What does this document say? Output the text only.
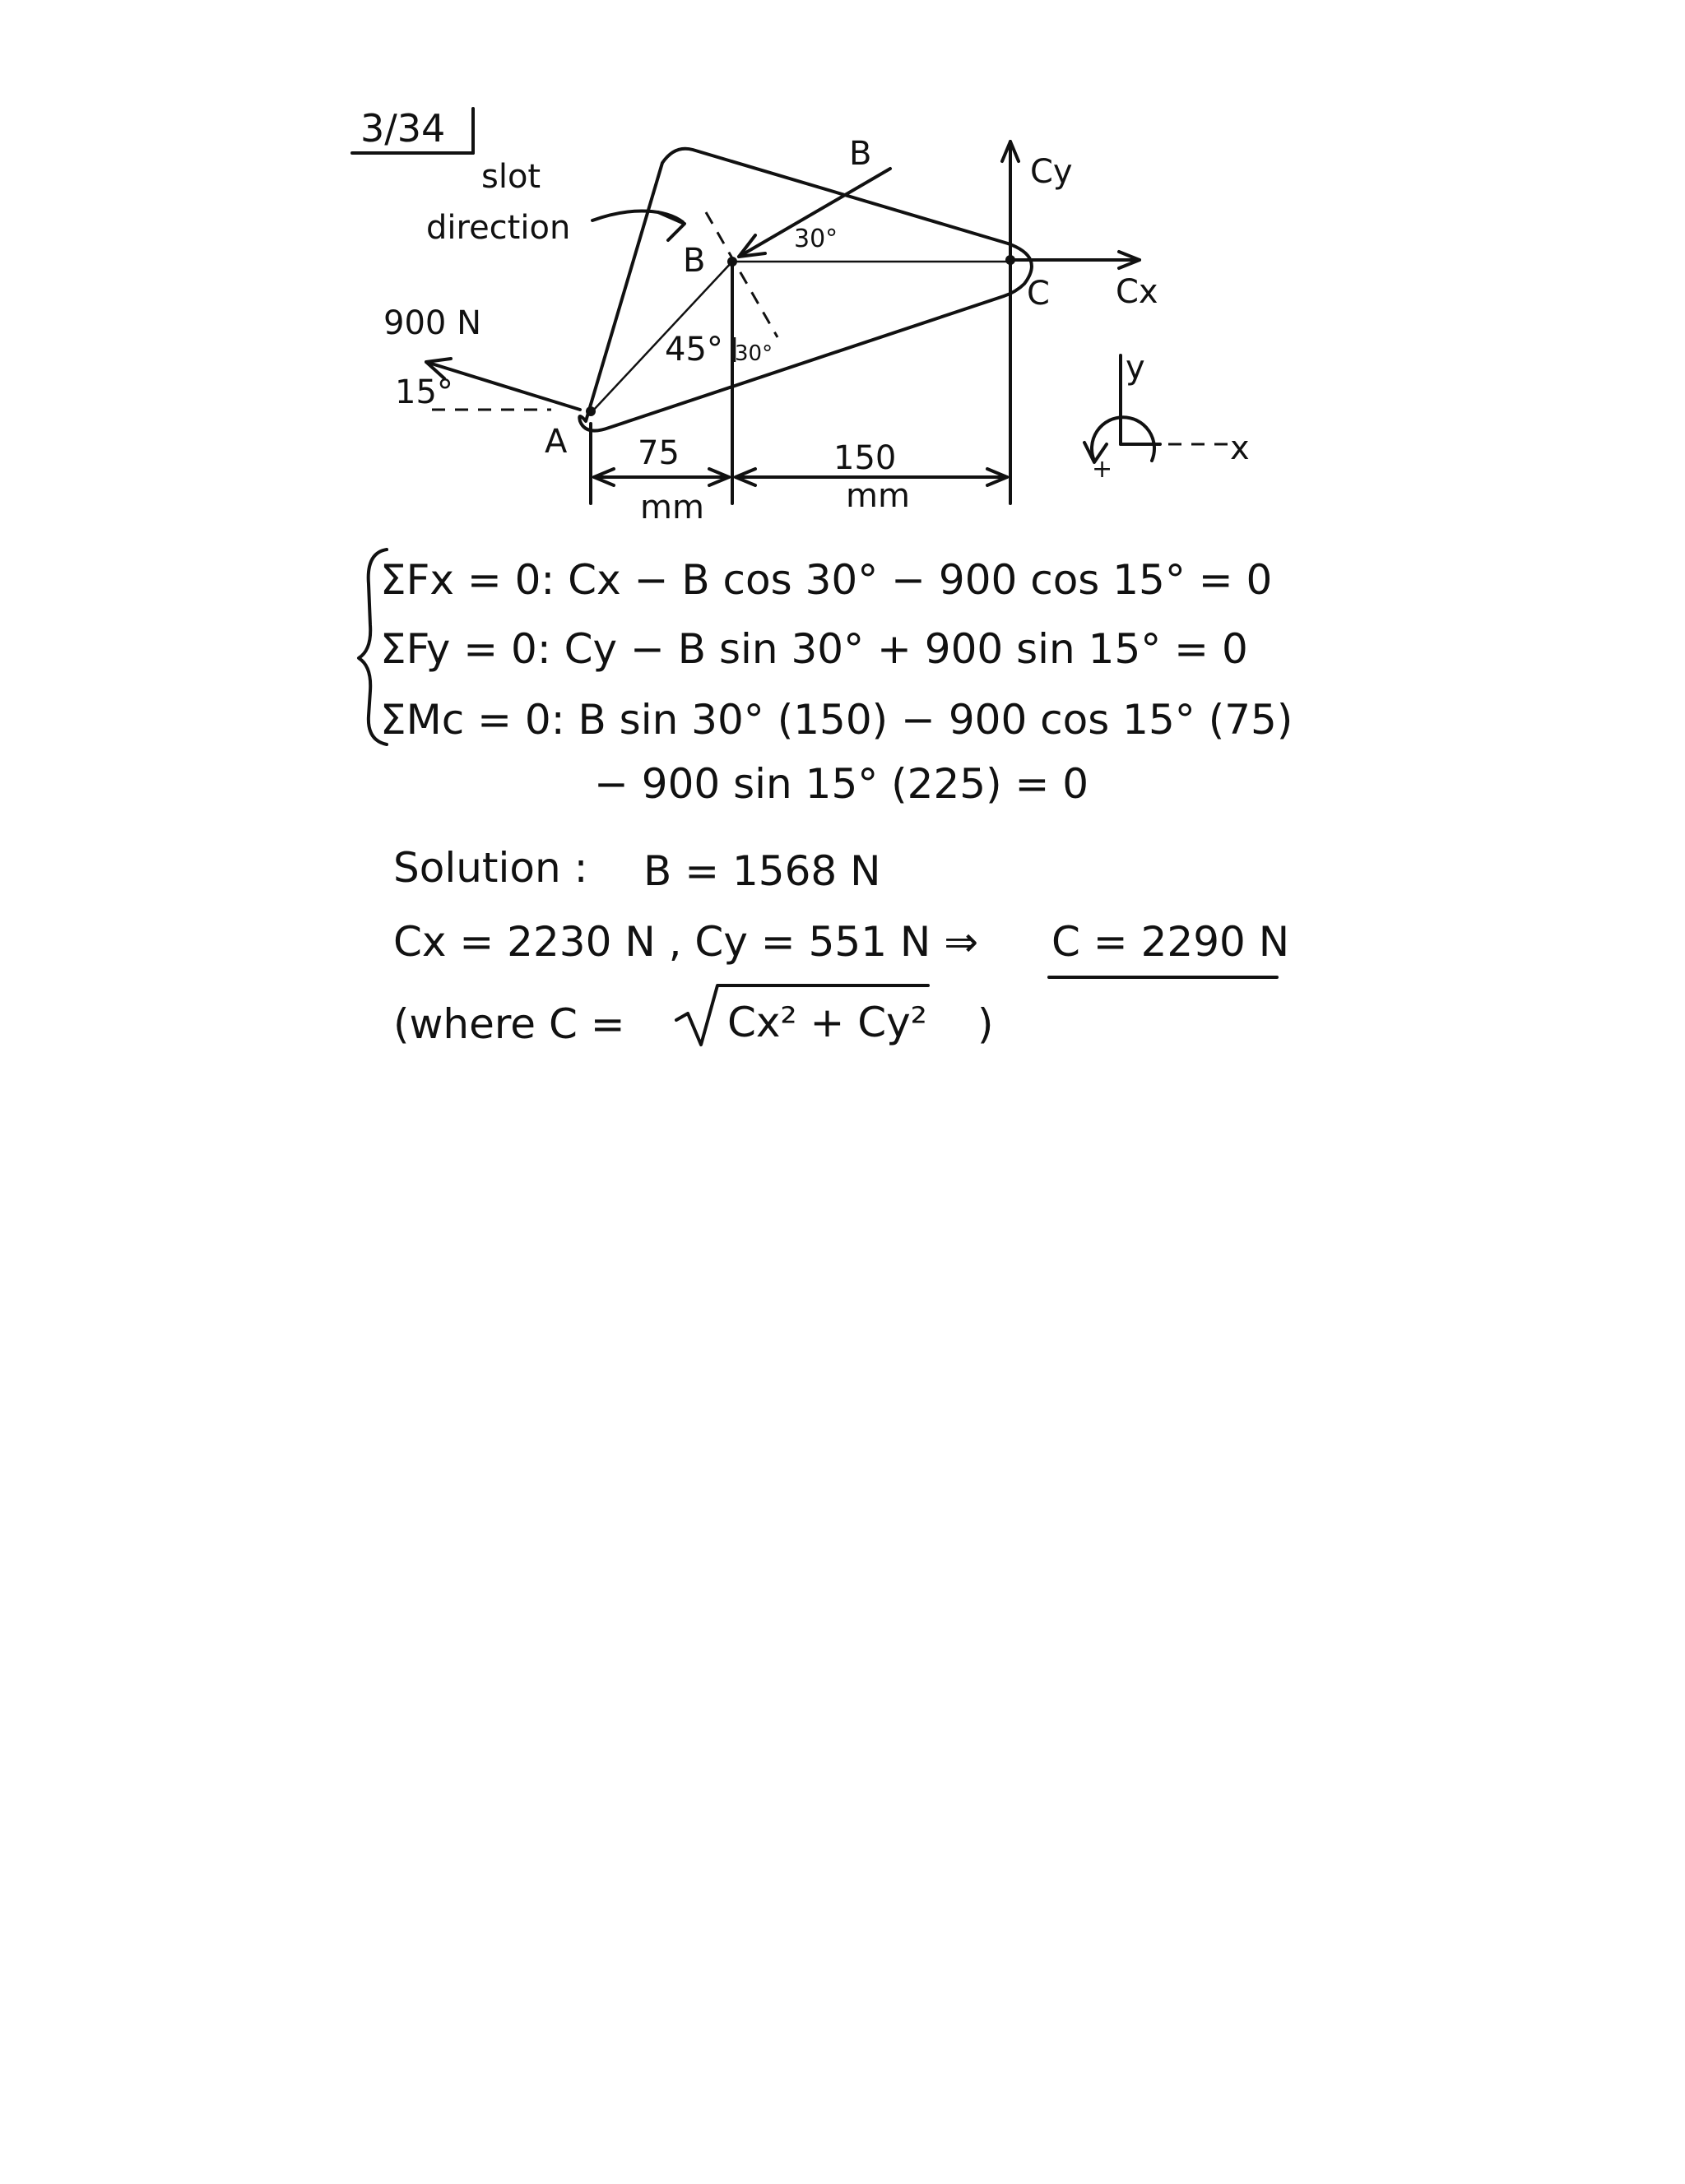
3/34
slot
direction
B
B
30°
45° 30°
900 N
15°
A
C
Cy
Cx
75
mm
150
mm
y
x
+
ΣFx = 0: Cx − B cos 30° − 900 cos 15° = 0
ΣFy = 0: Cy − B sin 30° + 900 sin 15° = 0
ΣMc = 0: B sin 30° (150) − 900 cos 15° (75)
− 900 sin 15° (225) = 0
Solution : B = 1568 N
Cx = 2230 N , Cy = 551 N ⇒ C = 2290 N
(where C = Cx² + Cy² )
